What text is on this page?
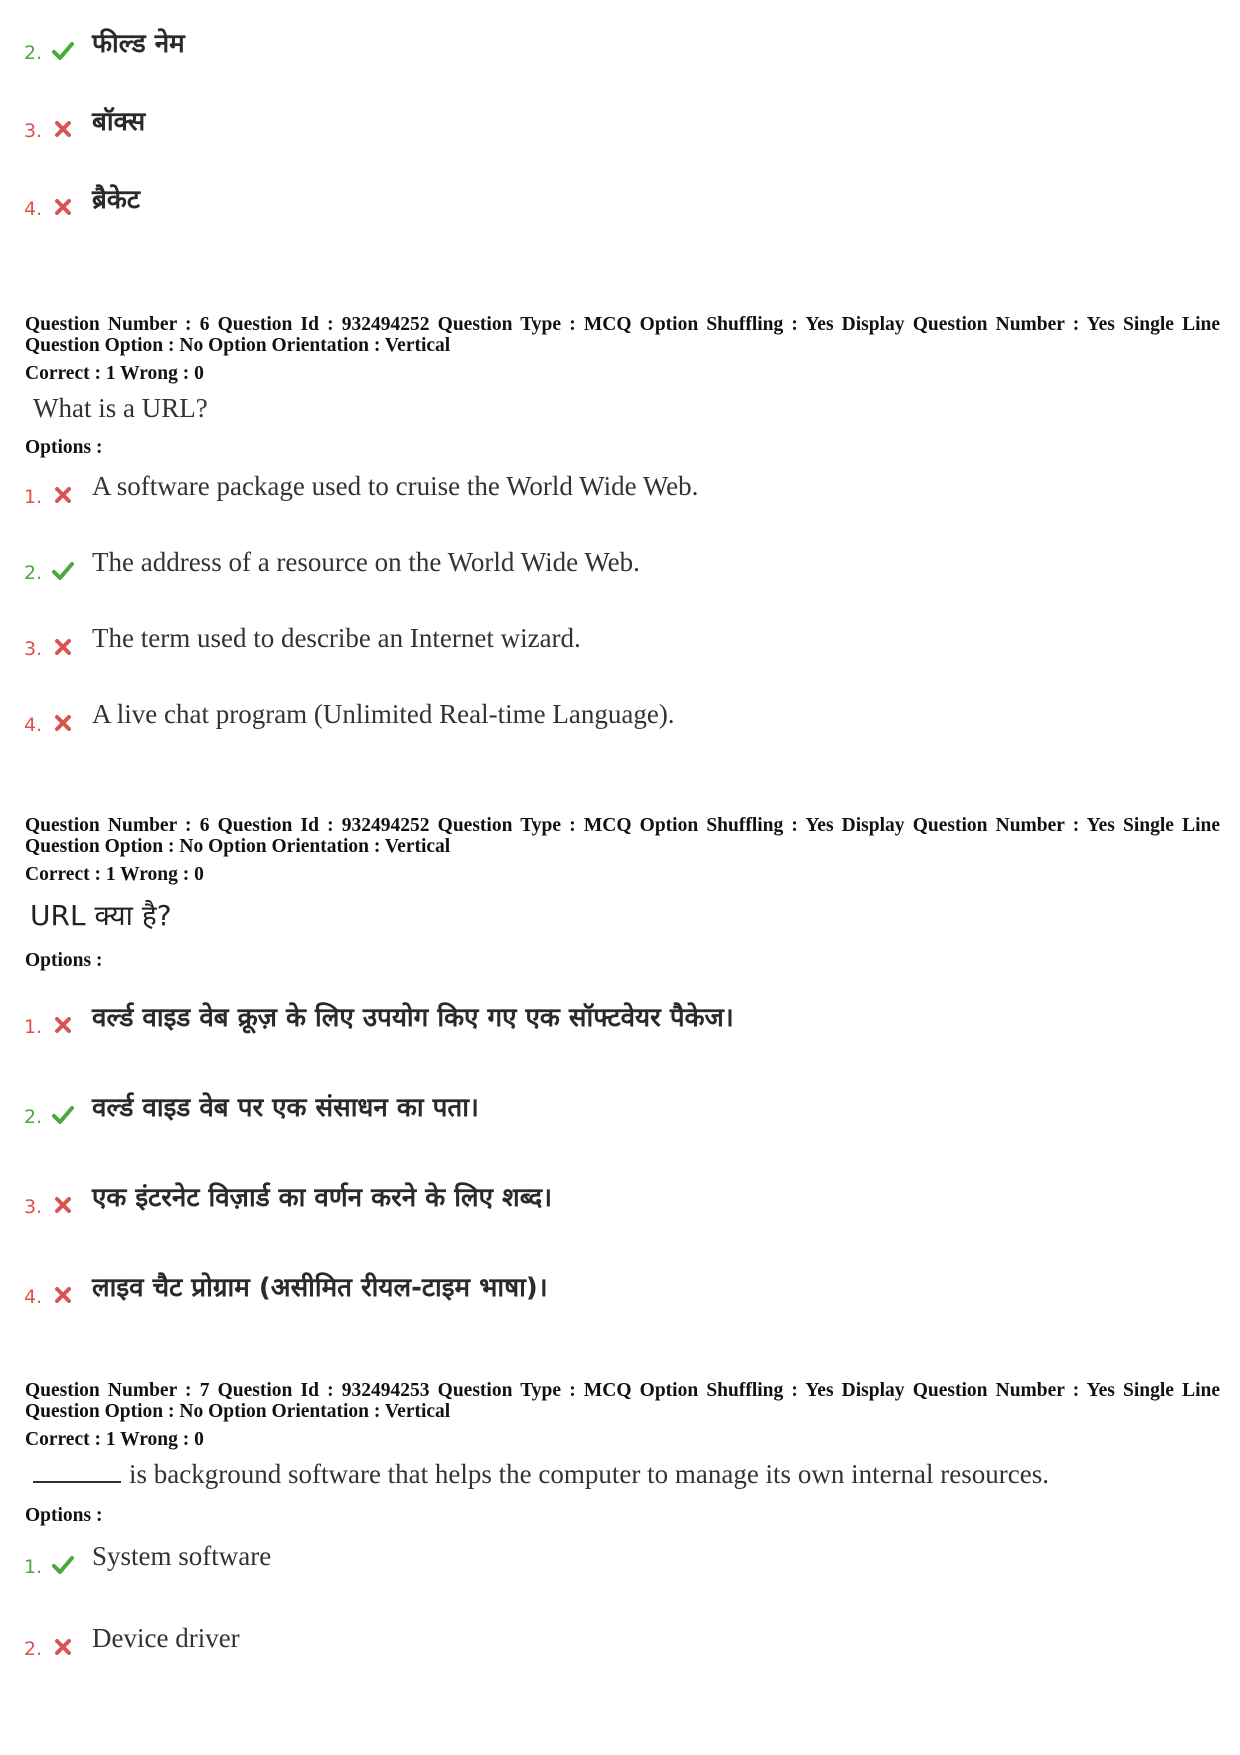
2. फील्ड नेम
3. बॉक्स
4. ब्रैकेट
Question Number : 6 Question Id : 932494252 Question Type : MCQ Option Shuffling : Yes Display Question Number : Yes Single Line Question Option : No Option Orientation : Vertical
Correct : 1 Wrong : 0
What is a URL?
Options :
1. A software package used to cruise the World Wide Web.
2. The address of a resource on the World Wide Web.
3. The term used to describe an Internet wizard.
4. A live chat program (Unlimited Real-time Language).
Question Number : 6 Question Id : 932494252 Question Type : MCQ Option Shuffling : Yes Display Question Number : Yes Single Line Question Option : No Option Orientation : Vertical
Correct : 1 Wrong : 0
URL क्या है?
Options :
1. वर्ल्ड वाइड वेब क्रूज़ के लिए उपयोग किए गए एक सॉफ्टवेयर पैकेज।
2. वर्ल्ड वाइड वेब पर एक संसाधन का पता।
3. एक इंटरनेट विज़ार्ड का वर्णन करने के लिए शब्द।
4. लाइव चैट प्रोग्राम (असीमित रीयल-टाइम भाषा)।
Question Number : 7 Question Id : 932494253 Question Type : MCQ Option Shuffling : Yes Display Question Number : Yes Single Line Question Option : No Option Orientation : Vertical
Correct : 1 Wrong : 0
is background software that helps the computer to manage its own internal resources.
Options :
1. System software
2. Device driver
